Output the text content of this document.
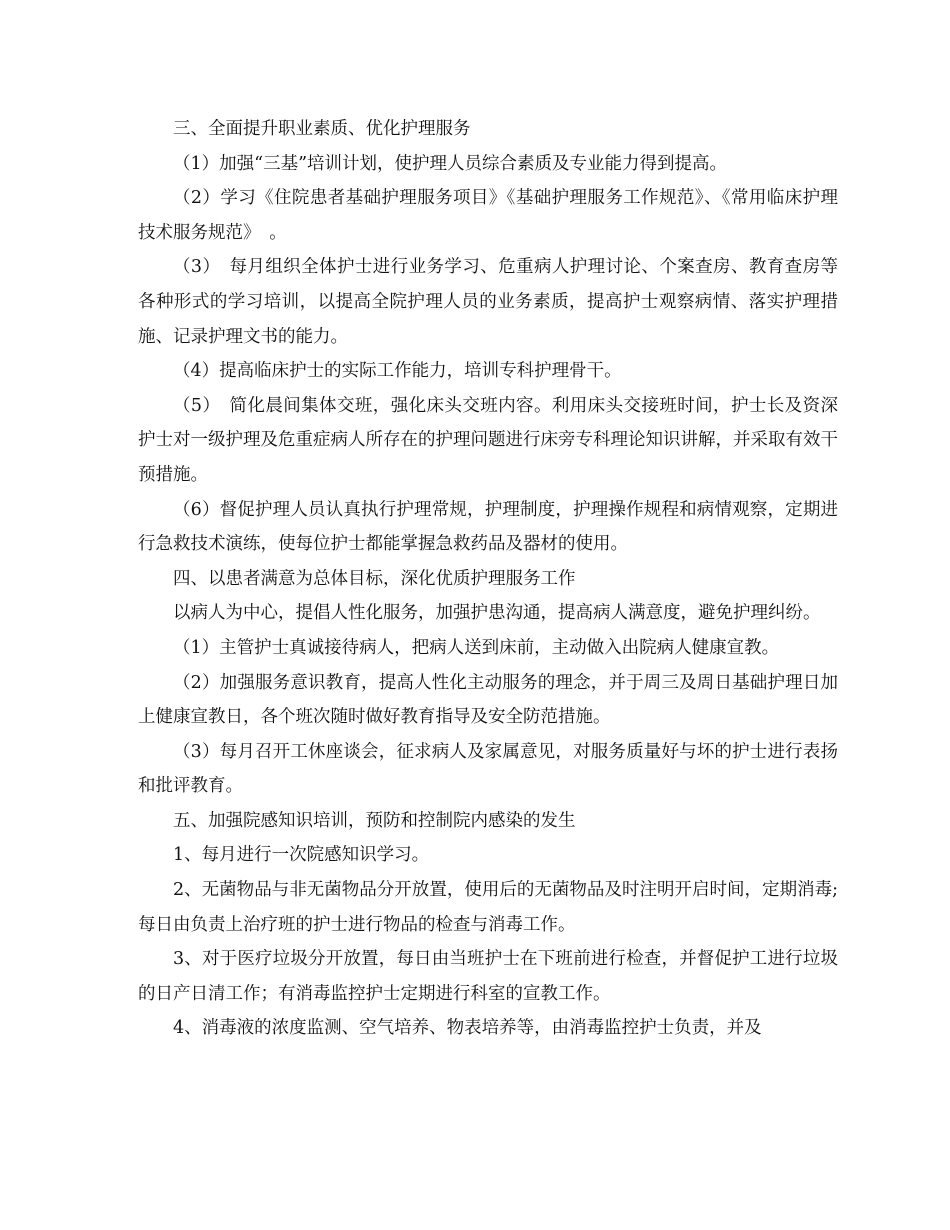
三、全面提升职业素质、优化护理服务

（1）加强“三基”培训计划，使护理人员综合素质及专业能力得到提高。

（2）学习《住院患者基础护理服务项目》《基础护理服务工作规范》、《常用临床护理技术服务规范》　。

（3）　每月组织全体护士进行业务学习、危重病人护理讨论、个案查房、教育查房等各种形式的学习培训，以提高全院护理人员的业务素质，提高护士观察病情、落实护理措施、记录护理文书的能力。

（4）提高临床护士的实际工作能力，培训专科护理骨干。

（5）　简化晨间集体交班，强化床头交班内容。利用床头交接班时间，护士长及资深护士对一级护理及危重症病人所存在的护理问题进行床旁专科理论知识讲解，并采取有效干预措施。

（6）督促护理人员认真执行护理常规，护理制度，护理操作规程和病情观察，定期进行急救技术演练，使每位护士都能掌握急救药品及器材的使用。

四、以患者满意为总体目标，深化优质护理服务工作

以病人为中心，提倡人性化服务，加强护患沟通，提高病人满意度，避免护理纠纷。

（1）主管护士真诚接待病人，把病人送到床前，主动做入出院病人健康宣教。

（2）加强服务意识教育，提高人性化主动服务的理念，并于周三及周日基础护理日加上健康宣教日，各个班次随时做好教育指导及安全防范措施。

（3）每月召开工休座谈会，征求病人及家属意见，对服务质量好与坏的护士进行表扬和批评教育。

五、加强院感知识培训，预防和控制院内感染的发生

1、每月进行一次院感知识学习。

2、无菌物品与非无菌物品分开放置，使用后的无菌物品及时注明开启时间，定期消毒;每日由负责上治疗班的护士进行物品的检查与消毒工作。

3、对于医疗垃圾分开放置，每日由当班护士在下班前进行检查，并督促护工进行垃圾的日产日清工作；有消毒监控护士定期进行科室的宣教工作。

4、消毒液的浓度监测、空气培养、物表培养等，由消毒监控护士负责，并及
